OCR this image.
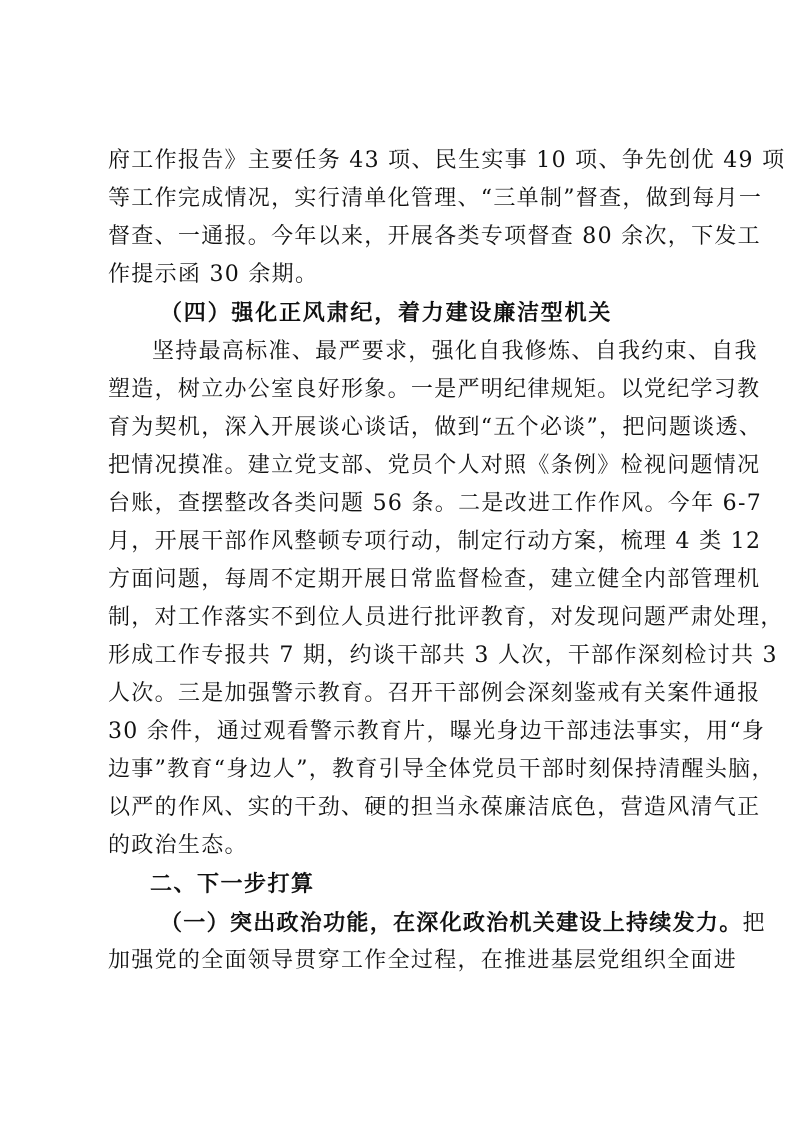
府工作报告》主要任务 43 项、民生实事 10 项、争先创优 49 项
等工作完成情况，实行清单化管理、“三单制”督查，做到每月一
督查、一通报。今年以来，开展各类专项督查 80 余次，下发工
作提示函 30 余期。
（四）强化正风肃纪，着力建设廉洁型机关
坚持最高标准、最严要求，强化自我修炼、自我约束、自我
塑造，树立办公室良好形象。一是严明纪律规矩。以党纪学习教
育为契机，深入开展谈心谈话，做到“五个必谈”，把问题谈透、
把情况摸准。建立党支部、党员个人对照《条例》检视问题情况
台账，查摆整改各类问题 56 条。二是改进工作作风。今年 6-7
月，开展干部作风整顿专项行动，制定行动方案，梳理 4 类 12
方面问题，每周不定期开展日常监督检查，建立健全内部管理机
制，对工作落实不到位人员进行批评教育，对发现问题严肃处理，
形成工作专报共 7 期，约谈干部共 3 人次，干部作深刻检讨共 3
人次。三是加强警示教育。召开干部例会深刻鉴戒有关案件通报
30 余件，通过观看警示教育片，曝光身边干部违法事实，用“身
边事”教育“身边人”，教育引导全体党员干部时刻保持清醒头脑，
以严的作风、实的干劲、硬的担当永葆廉洁底色，营造风清气正
的政治生态。
二、下一步打算
（一）突出政治功能，在深化政治机关建设上持续发力。把
加强党的全面领导贯穿工作全过程，在推进基层党组织全面进
